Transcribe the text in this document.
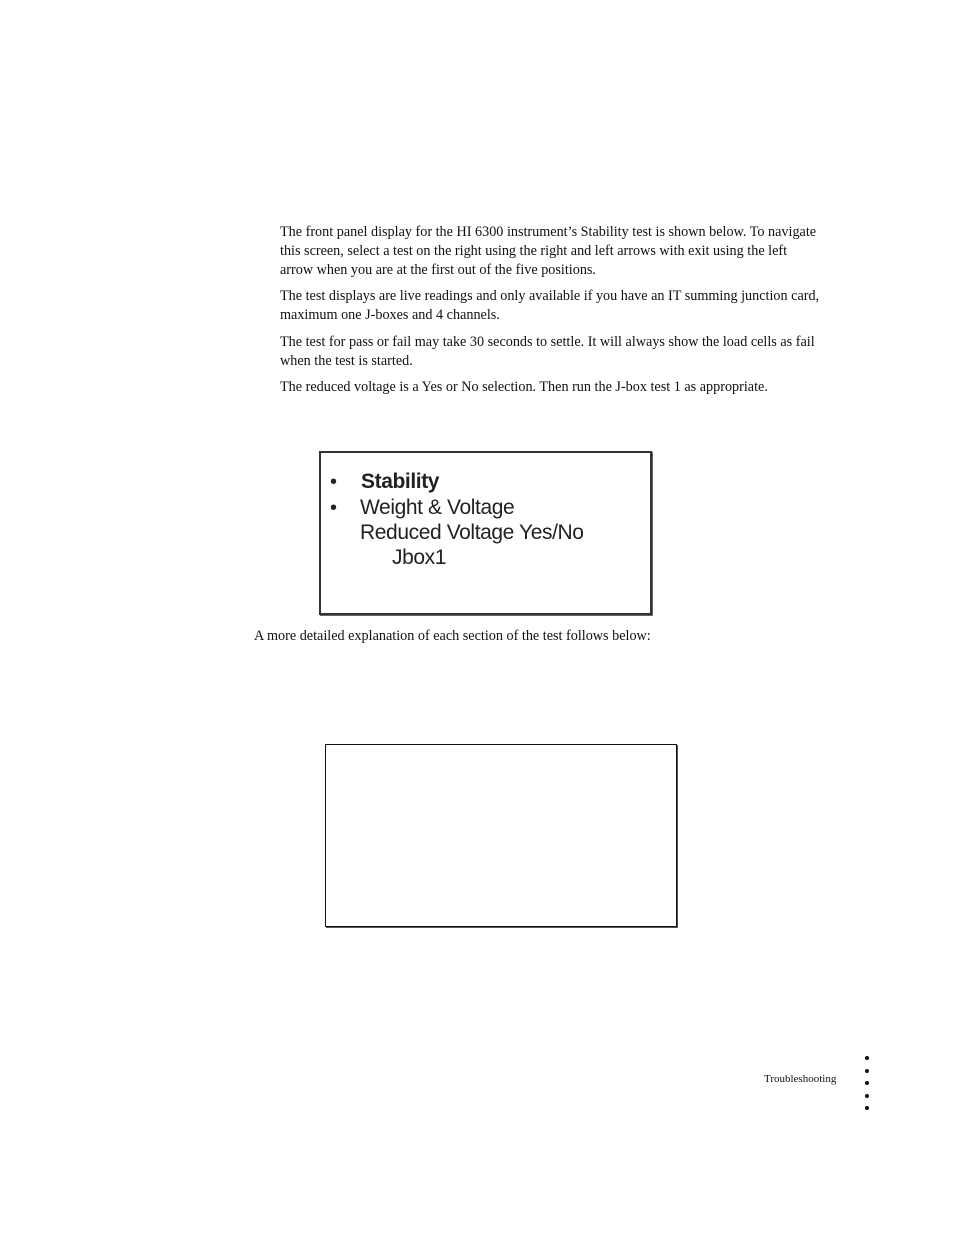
The front panel display for the HI 6300 instrument’s Stability test is shown below. To navigate this screen, select a test on the right using the right and left arrows with exit using the left arrow when you are at the first out of the five positions.

The test displays are live readings and only available if you have an IT summing junction card, maximum one J-boxes and 4 channels.

The test for pass or fail may take 30 seconds to settle. It will always show the load cells as fail when the test is started.

The reduced voltage is a Yes or No selection. Then run the J-box test 1 as appropriate.

• Stability
• Weight & Voltage
Reduced Voltage Yes/No
Jbox1

A more detailed explanation of each section of the test follows below:

Troubleshooting
